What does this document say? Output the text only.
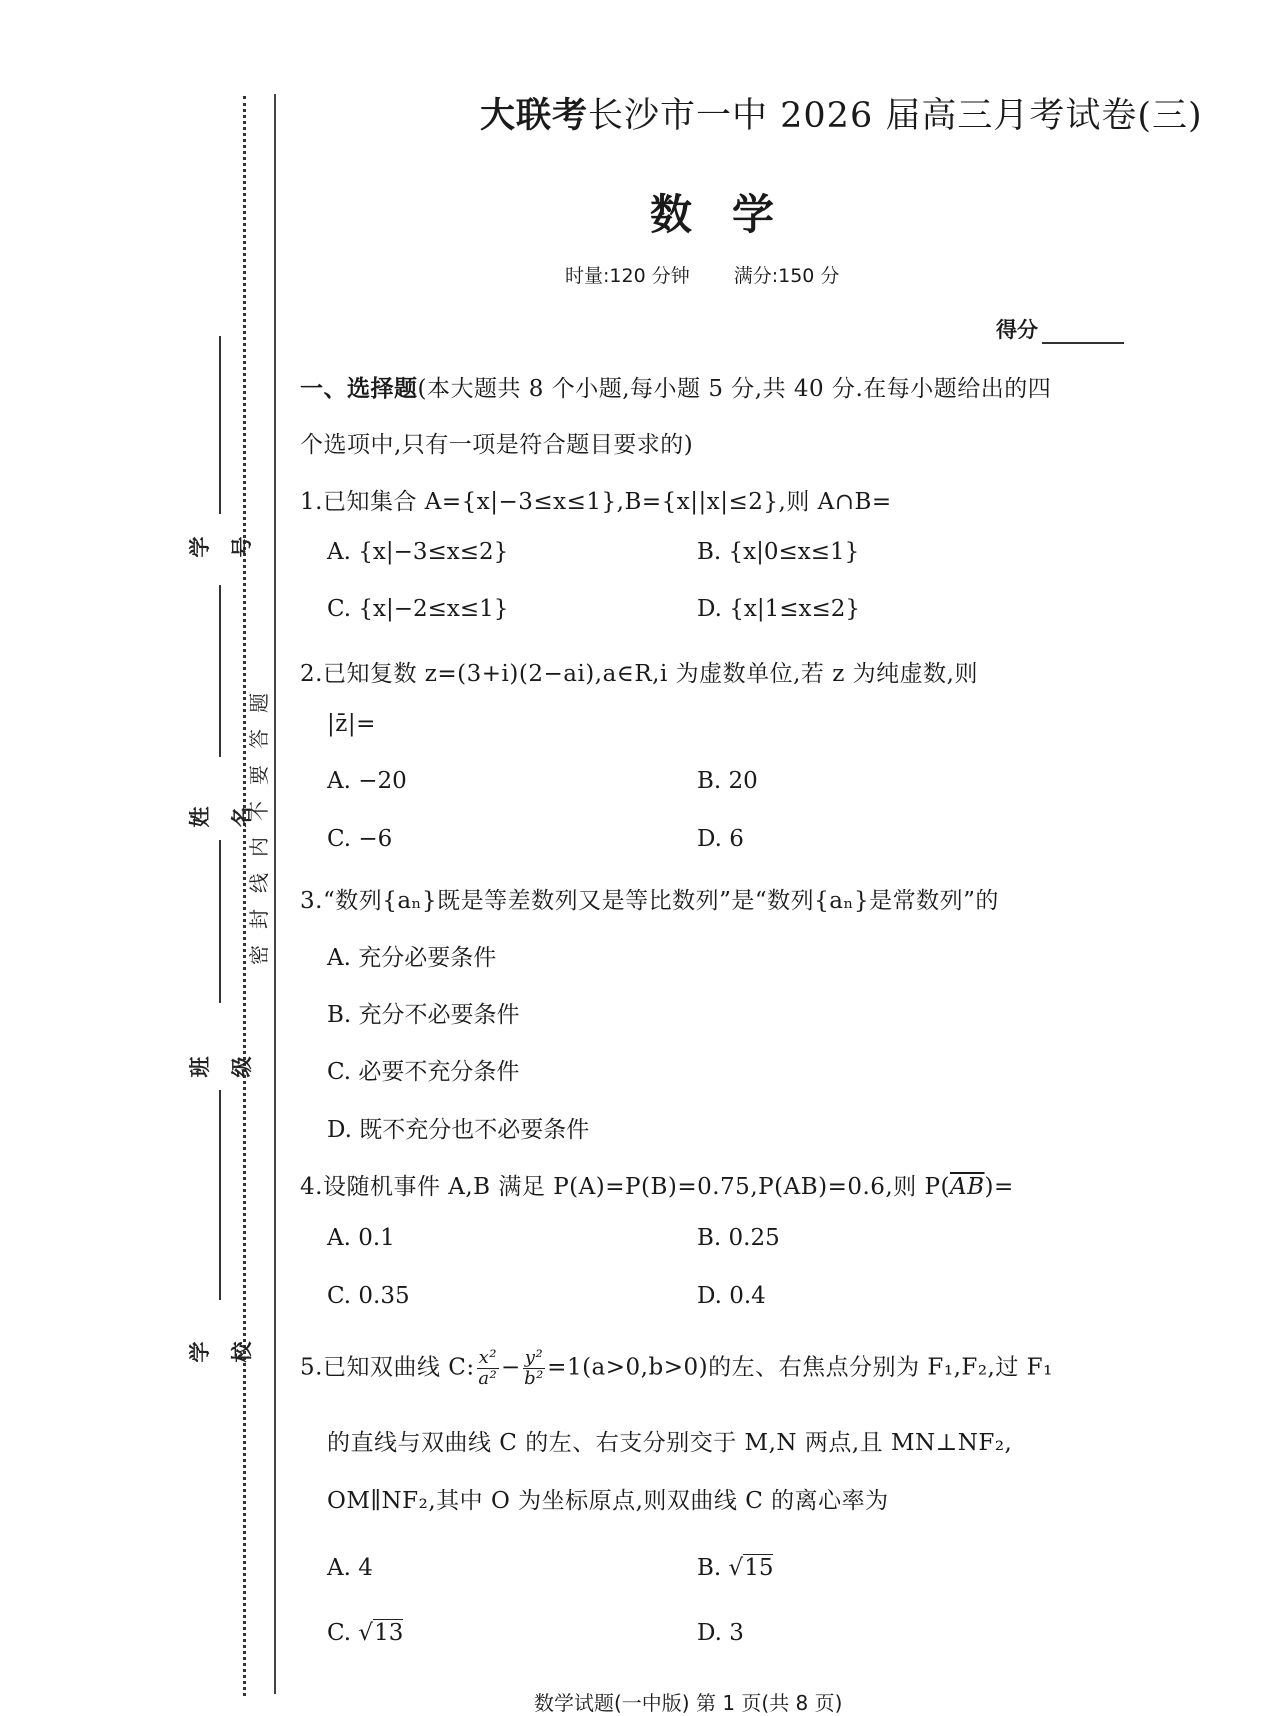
学号
姓名
班级
学校
密封线内不要答题
大联考长沙市一中 2026 届高三月考试卷(三)
数学
时量:120 分钟 满分:150 分
得分
一、选择题(本大题共 8 个小题,每小题 5 分,共 40 分.在每小题给出的四
个选项中,只有一项是符合题目要求的)
1.已知集合 A={x|−3≤x≤1},B={x||x|≤2},则 A∩B=
A. {x|−3≤x≤2}	B. {x|0≤x≤1}
C. {x|−2≤x≤1}	D. {x|1≤x≤2}
2.已知复数 z=(3+i)(2−ai),a∈R,i 为虚数单位,若 z 为纯虚数,则
|z̄|=
A. −20	B. 20
C. −6	D. 6
3.“数列{aₙ}既是等差数列又是等比数列”是“数列{aₙ}是常数列”的
A. 充分必要条件
B. 充分不必要条件
C. 必要不充分条件
D. 既不充分也不必要条件
4.设随机事件 A,B 满足 P(A)=P(B)=0.75,P(AB)=0.6,则 $P(\overline{AB})=$
A. 0.1	B. 0.25
C. 0.35	D. 0.4
5.已知双曲线 C: $\frac{\text{x²}}{\text{a²}} - \frac{\text{y²}}{\text{b²}} =1(a>0,b>0)$的左、右焦点分别为 F₁,F₂,过 F₁
的直线与双曲线 C 的左、右支分别交于 M,N 两点,且 MN⊥NF₂,
OM∥NF₂,其中 O 为坐标原点,则双曲线 C 的离心率为
A. 4	B. √15
C. √13	D. 3
数学试题(一中版) 第 1 页(共 8 页)
